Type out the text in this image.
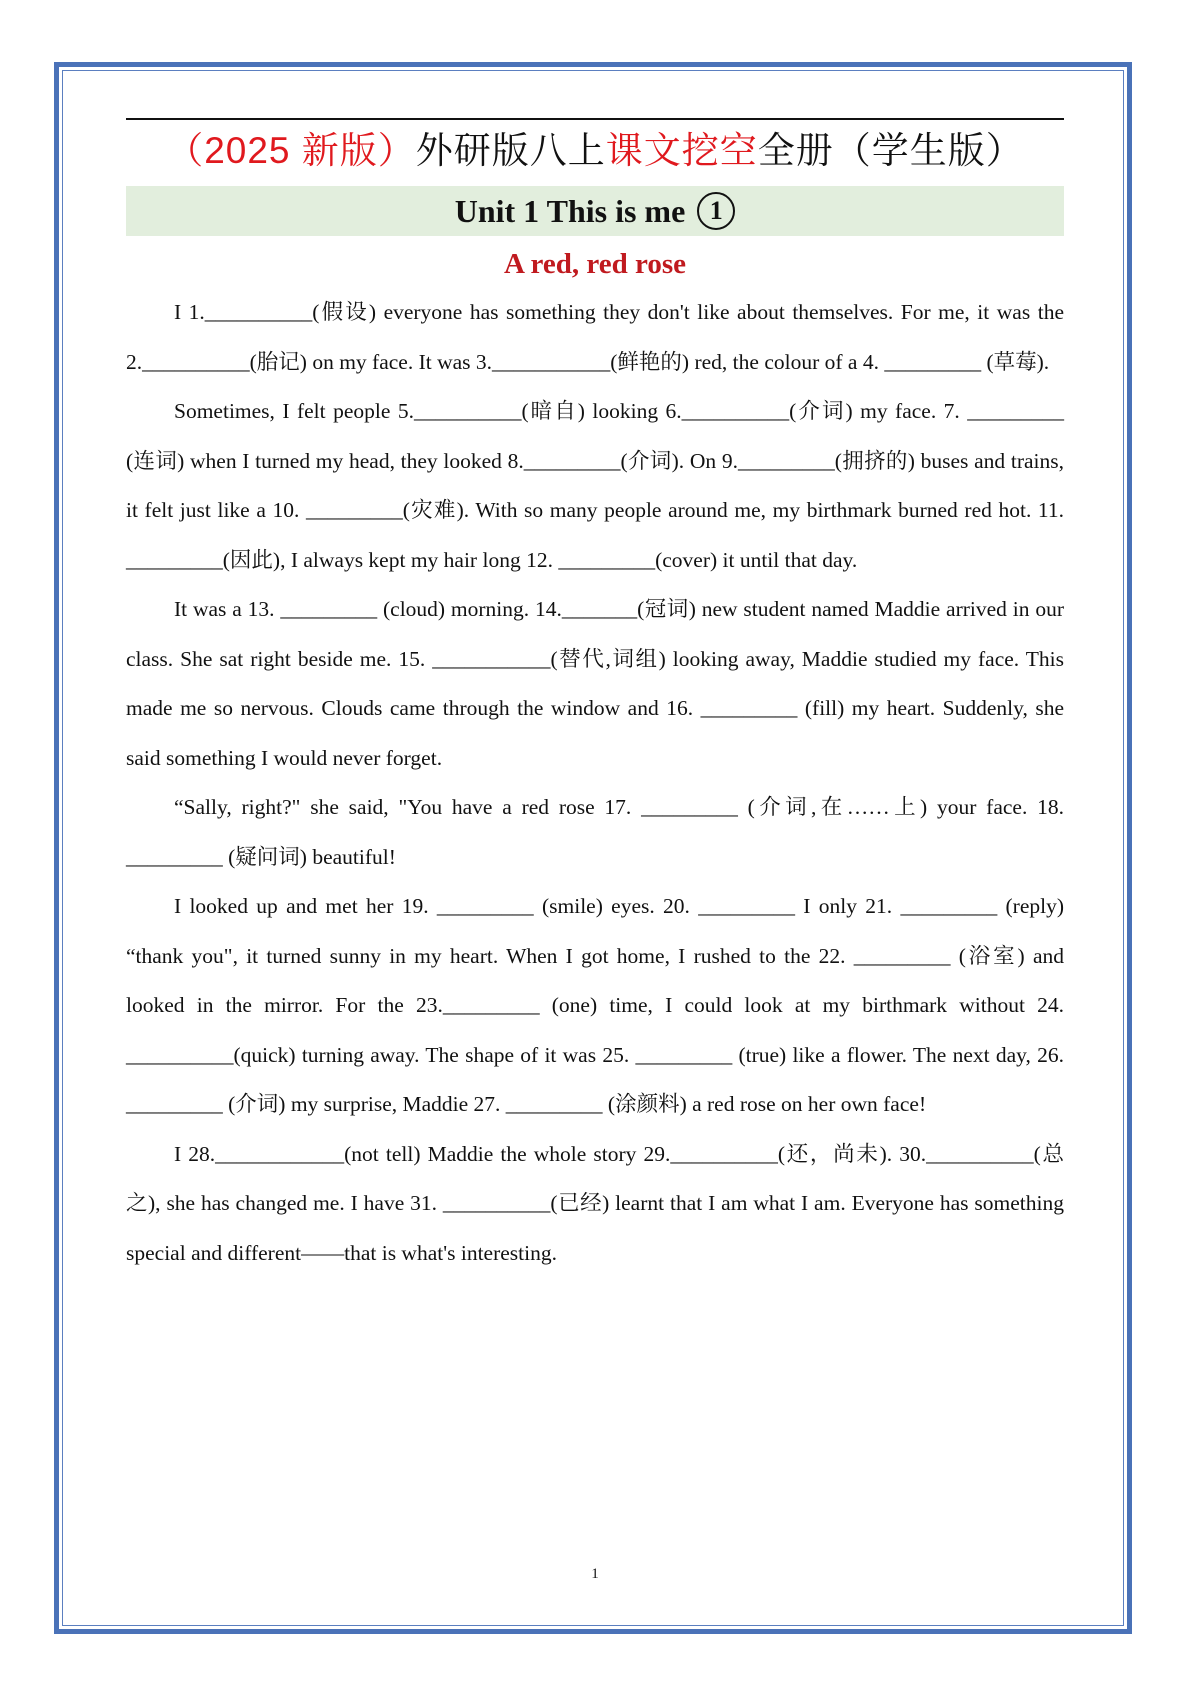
（2025 新版）外研版八上课文挖空全册（学生版）
Unit 1 This is me 1
A red, red rose

I 1.__________(假设) everyone has something they don't like about themselves. For me, it was the 2.__________(胎记) on my face. It was 3.___________(鲜艳的) red, the colour of a 4. _________ (草莓).

Sometimes, I felt people 5.__________(暗自) looking 6.__________(介词) my face. 7. _________ (连词) when I turned my head, they looked 8._________(介词). On 9._________(拥挤的) buses and trains, it felt just like a 10. _________(灾难). With so many people around me, my birthmark burned red hot. 11. _________(因此), I always kept my hair long 12. _________(cover) it until that day.

It was a 13. _________ (cloud) morning. 14._______(冠词) new student named Maddie arrived in our class. She sat right beside me. 15. ___________(替代,词组) looking away, Maddie studied my face. This made me so nervous. Clouds came through the window and 16. _________ (fill) my heart. Suddenly, she said something I would never forget.

“Sally, right?" she said, "You have a red rose 17. _________ (介词,在……上) your face. 18. _________ (疑问词) beautiful!

I looked up and met her 19. _________ (smile) eyes. 20. _________ I only 21. _________ (reply) “thank you", it turned sunny in my heart. When I got home, I rushed to the 22. _________ (浴室) and looked in the mirror. For the 23._________ (one) time, I could look at my birthmark without 24. __________(quick) turning away. The shape of it was 25. _________ (true) like a flower. The next day, 26. _________ (介词) my surprise, Maddie 27. _________ (涂颜料) a red rose on her own face!

I 28.____________(not tell) Maddie the whole story 29.__________(还，尚未). 30.__________(总之), she has changed me. I have 31. __________(已经) learnt that I am what I am. Everyone has something special and different——that is what's interesting.

1
